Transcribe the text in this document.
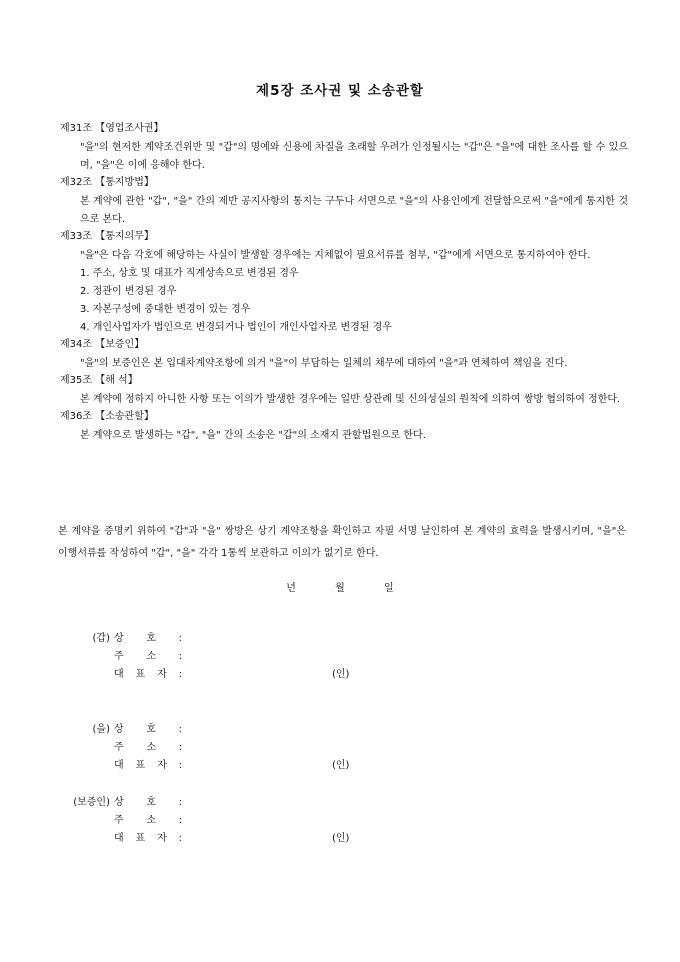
제5장 조사권 및 소송관할
제31조 【영업조사권】
"을"의 현저한 계약조건위반 및 "갑"의 명예와 신용에 차질을 초래할 우려가 인정될시는 "갑"은 "을"에 대한 조사를 할 수 있으며, "을"은 이에 응해야 한다.
제32조 【통지방법】
본 계약에 관한 "갑", "을" 간의 제반 공지사항의 통지는 구두나 서면으로 "을"의 사용인에게 전달함으로써 "을"에게 통지한 것으로 본다.
제33조 【통지의무】
"을"은 다음 각호에 해당하는 사실이 발생할 경우에는 지체없이 필요서류를 첨부, "갑"에게 서면으로 통지하여야 한다.
1. 주소, 상호 및 대표가 직계상속으로 변경된 경우
2. 정관이 변경된 경우
3. 자본구성에 중대한 변경이 있는 경우
4. 개인사업자가 법인으로 변경되거나 법인이 개인사업자로 변경된 경우
제34조 【보증인】
"을"의 보증인은 본 입대차계약조항에 의거 "을"이 부담하는 일체의 채무에 대하여 "을"과 연체하여 책임을 진다.
제35조 【해 석】
본 계약에 정하지 아니한 사항 또는 이의가 발생한 경우에는 일반 상관례 및 신의성실의 원칙에 의하여 쌍방 협의하여 정한다.
제36조 【소송관할】
본 계약으로 발생하는 "갑", "을" 간의 소송은 "갑"의 소재지 관할법원으로 한다.
본 계약을 증명키 위하여 "갑"과 "을" 쌍방은 상기 계약조항을 확인하고 자필 서명 날인하여 본 계약의 효력을 발생시키며, "을"은 이행서류를 작성하여 "갑", "을" 각각 1통씩 보관하고 이의가 없기로 한다.
년	월	일
(갑) 상 호 :
주 소 :
대 표 자 :	(인)
(을) 상 호 :
주 소 :
대 표 자 :	(인)
(보증인) 상 호 :
주 소 :
대 표 자 :	(인)
